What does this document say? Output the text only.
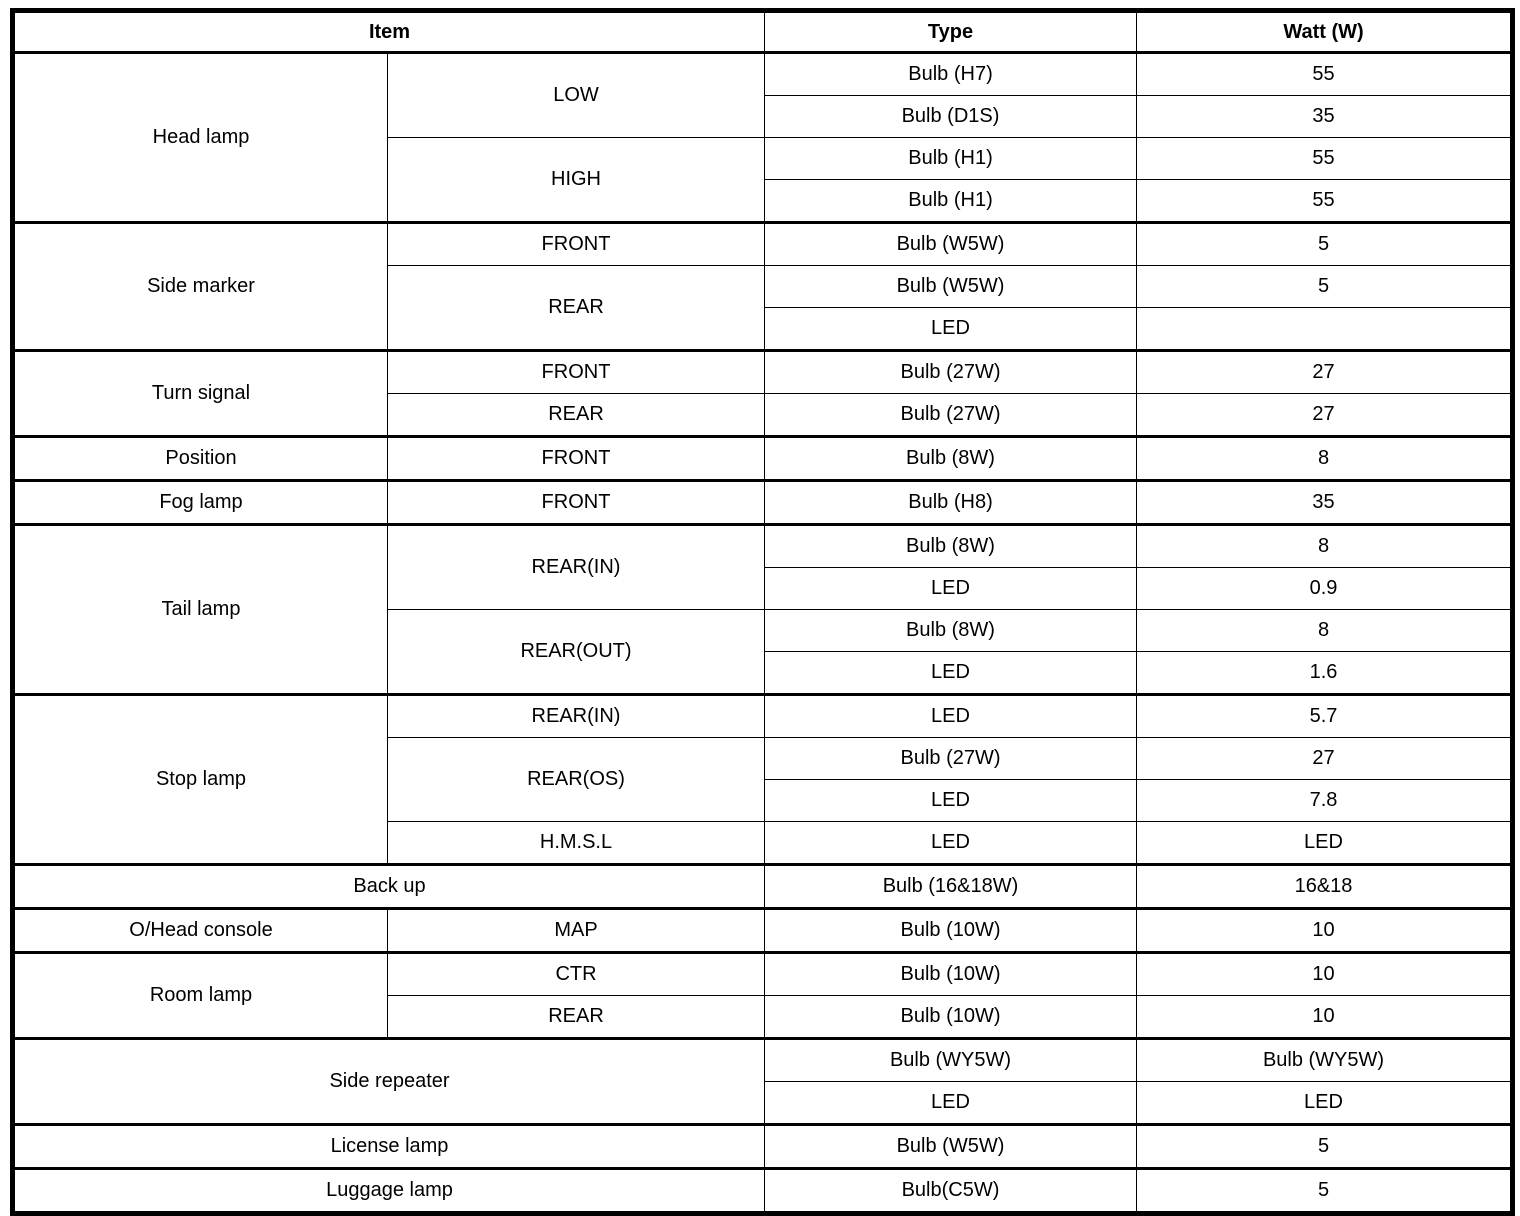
Item		Type	Watt (W)
Head lamp	LOW	Bulb (H7)	55
		Bulb (D1S)	35
	HIGH	Bulb (H1)	55
		Bulb (H1)	55
Side marker	FRONT	Bulb (W5W)	5
	REAR	Bulb (W5W)	5
		LED	
Turn signal	FRONT	Bulb (27W)	27
	REAR	Bulb (27W)	27
Position	FRONT	Bulb (8W)	8
Fog lamp	FRONT	Bulb (H8)	35
Tail lamp	REAR(IN)	Bulb (8W)	8
		LED	0.9
	REAR(OUT)	Bulb (8W)	8
		LED	1.6
Stop lamp	REAR(IN)	LED	5.7
	REAR(OS)	Bulb (27W)	27
		LED	7.8
	H.M.S.L	LED	LED
Back up		Bulb (16&18W)	16&18
O/Head console	MAP	Bulb (10W)	10
Room lamp	CTR	Bulb (10W)	10
	REAR	Bulb (10W)	10
Side repeater		Bulb (WY5W)	Bulb (WY5W)
		LED	LED
License lamp		Bulb (W5W)	5
Luggage lamp		Bulb(C5W)	5
